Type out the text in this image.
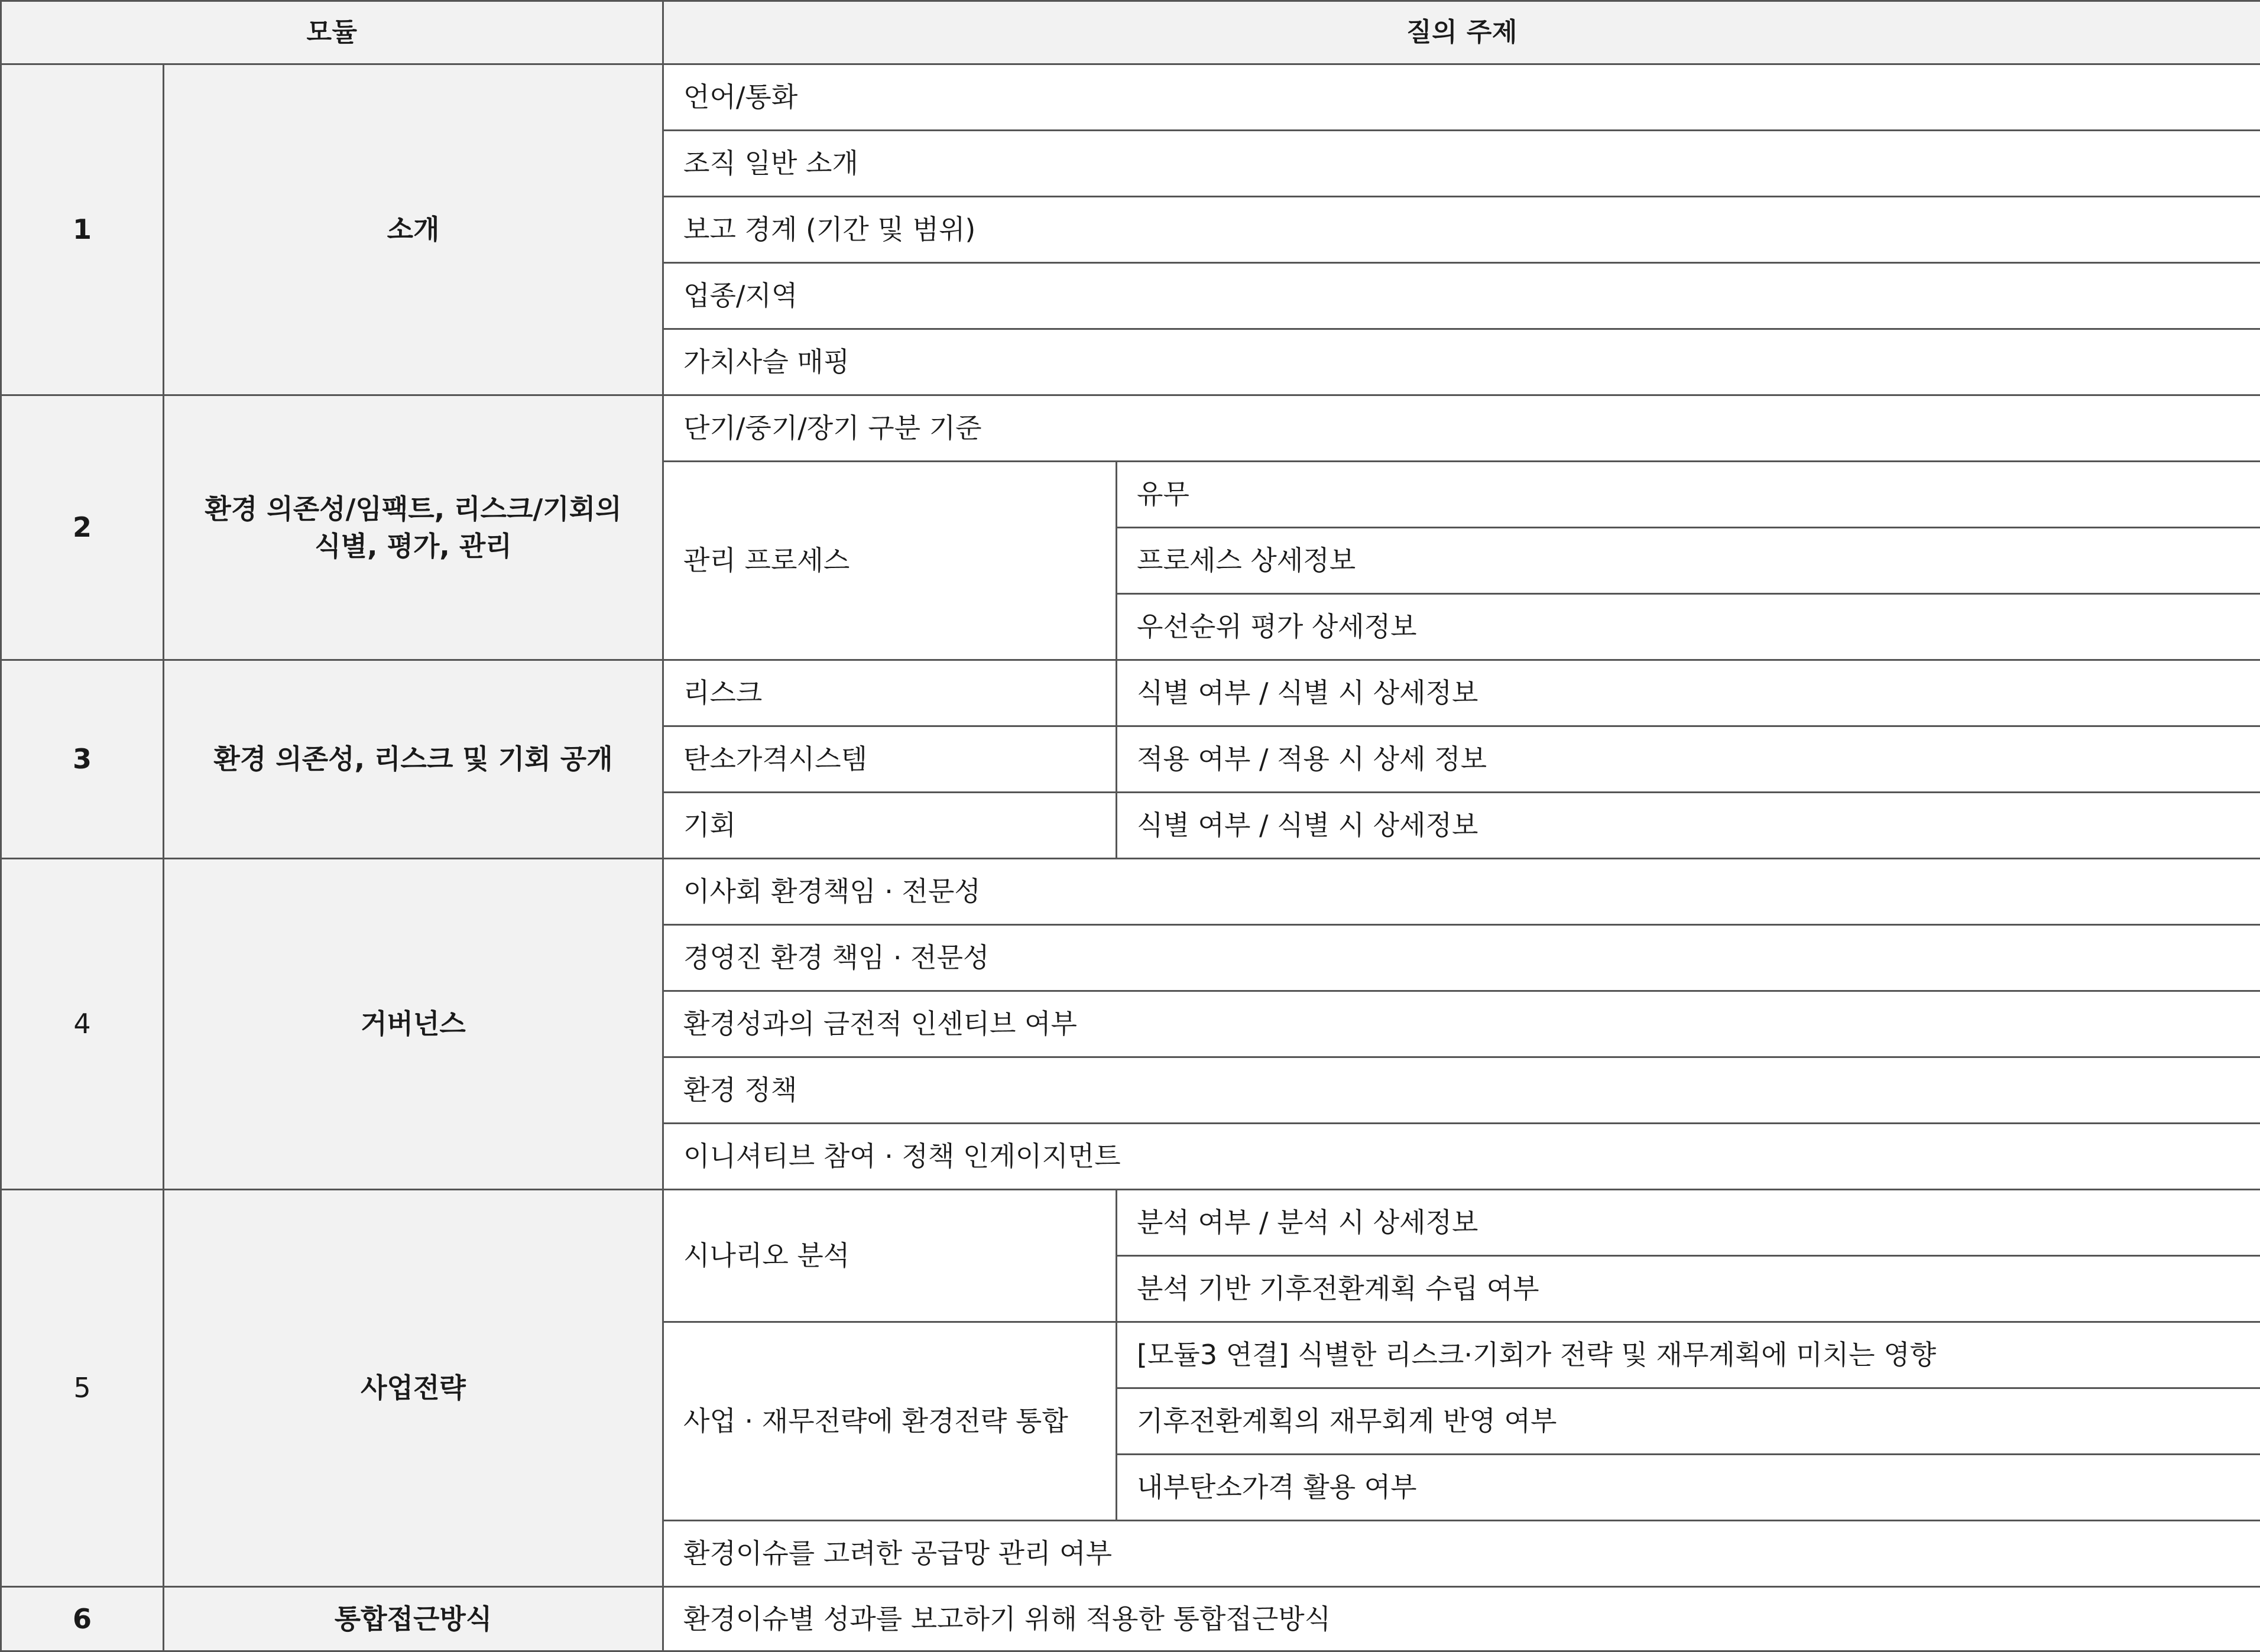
모듈		질의 주제	
1	소개	언어/통화	
		조직 일반 소개	
		보고 경계 (기간 및 범위)	
		업종/지역	
		가치사슬 매핑	
2	환경 의존성/임팩트, 리스크/기회의
식별, 평가, 관리	단기/중기/장기 구분 기준	
		관리 프로세스	유무
			프로세스 상세정보
			우선순위 평가 상세정보
3	환경 의존성, 리스크 및 기회 공개	리스크	식별 여부 / 식별 시 상세정보
		탄소가격시스템	적용 여부 / 적용 시 상세 정보
		기회	식별 여부 / 식별 시 상세정보
4	거버넌스	이사회 환경책임 · 전문성	
		경영진 환경 책임 · 전문성	
		환경성과의 금전적 인센티브 여부	
		환경 정책	
		이니셔티브 참여 · 정책 인게이지먼트	
5	사업전략	시나리오 분석	분석 여부 / 분석 시 상세정보
			분석 기반 기후전환계획 수립 여부
		사업 · 재무전략에 환경전략 통합	[모듈3 연결] 식별한 리스크·기회가 전략 및 재무계획에 미치는 영향
			기후전환계획의 재무회계 반영 여부
			내부탄소가격 활용 여부
		환경이슈를 고려한 공급망 관리 여부	
6	통합접근방식	환경이슈별 성과를 보고하기 위해 적용한 통합접근방식	
